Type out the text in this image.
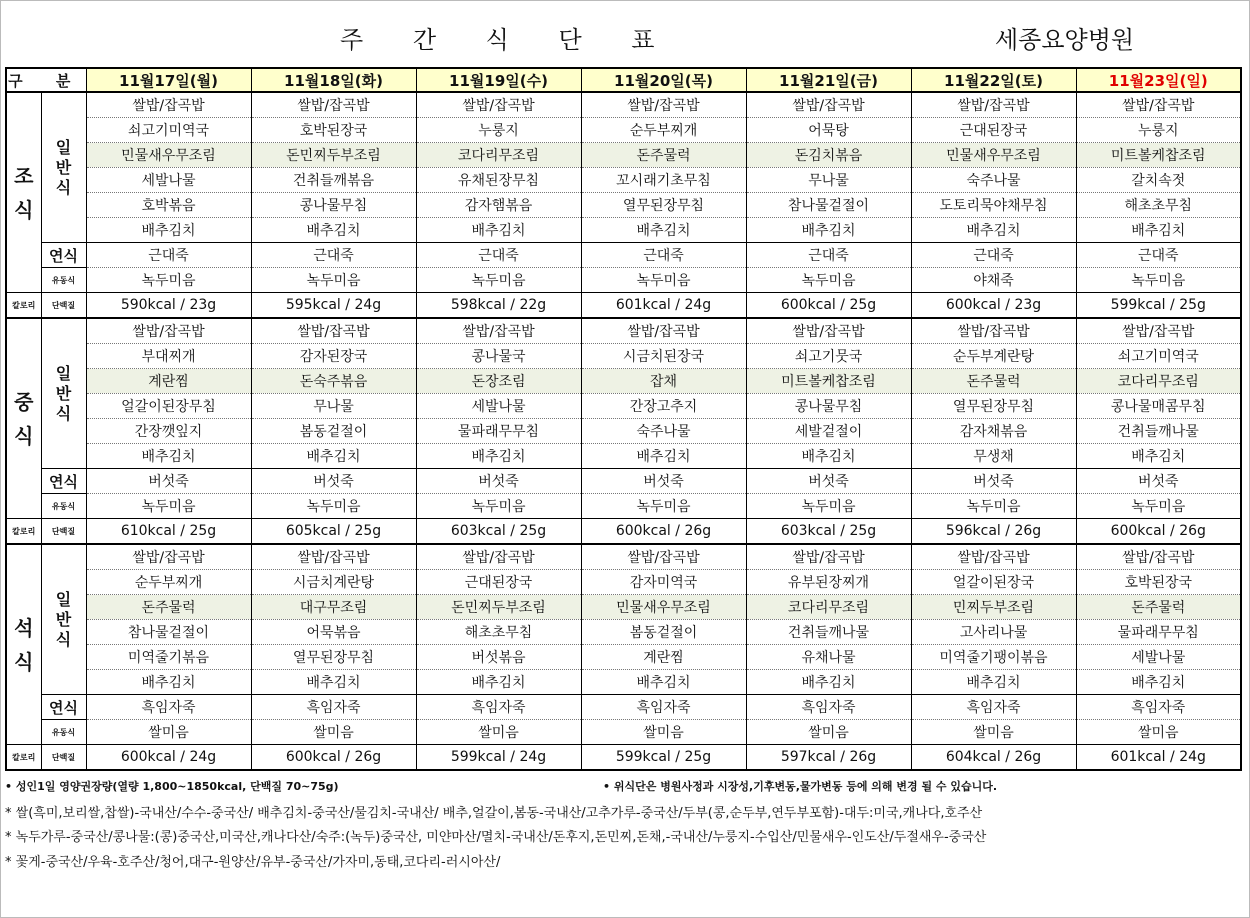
주 간 식 단 표	세종요양병원
구 분		11월17일(월)	11월18일(화)	11월19일(수)	11월20일(목)	11월21일(금)	11월22일(토)	11월23일(일)
조식	일반식	쌀밥/잡곡밥	쌀밥/잡곡밥	쌀밥/잡곡밥	쌀밥/잡곡밥	쌀밥/잡곡밥	쌀밥/잡곡밥	쌀밥/잡곡밥
		쇠고기미역국	호박된장국	누룽지	순두부찌개	어묵탕	근대된장국	누룽지
		민물새우무조림	돈민찌두부조림	코다리무조림	돈주물럭	돈김치볶음	민물새우무조림	미트볼케찹조림
		세발나물	건취들깨볶음	유채된장무침	꼬시래기초무침	무나물	숙주나물	갈치속젓
		호박볶음	콩나물무침	감자햄볶음	열무된장무침	참나물겉절이	도토리묵야채무침	해초초무침
		배추김치	배추김치	배추김치	배추김치	배추김치	배추김치	배추김치
	연식	근대죽	근대죽	근대죽	근대죽	근대죽	근대죽	근대죽
	유동식	녹두미음	녹두미음	녹두미음	녹두미음	녹두미음	야채죽	녹두미음
칼로리	단백질	590kcal / 23g	595kcal / 24g	598kcal / 22g	601kcal / 24g	600kcal / 25g	600kcal / 23g	599kcal / 25g
중식	일반식	쌀밥/잡곡밥	쌀밥/잡곡밥	쌀밥/잡곡밥	쌀밥/잡곡밥	쌀밥/잡곡밥	쌀밥/잡곡밥	쌀밥/잡곡밥
		부대찌개	감자된장국	콩나물국	시금치된장국	쇠고기뭇국	순두부계란탕	쇠고기미역국
		계란찜	돈숙주볶음	돈장조림	잡채	미트볼케찹조림	돈주물럭	코다리무조림
		얼갈이된장무침	무나물	세발나물	간장고추지	콩나물무침	열무된장무침	콩나물매콤무침
		간장깻잎지	봄동겉절이	물파래무무침	숙주나물	세발겉절이	감자채볶음	건취들깨나물
		배추김치	배추김치	배추김치	배추김치	배추김치	무생채	배추김치
	연식	버섯죽	버섯죽	버섯죽	버섯죽	버섯죽	버섯죽	버섯죽
	유동식	녹두미음	녹두미음	녹두미음	녹두미음	녹두미음	녹두미음	녹두미음
칼로리	단백질	610kcal / 25g	605kcal / 25g	603kcal / 25g	600kcal / 26g	603kcal / 25g	596kcal / 26g	600kcal / 26g
석식	일반식	쌀밥/잡곡밥	쌀밥/잡곡밥	쌀밥/잡곡밥	쌀밥/잡곡밥	쌀밥/잡곡밥	쌀밥/잡곡밥	쌀밥/잡곡밥
		순두부찌개	시금치계란탕	근대된장국	감자미역국	유부된장찌개	얼갈이된장국	호박된장국
		돈주물럭	대구무조림	돈민찌두부조림	민물새우무조림	코다리무조림	민찌두부조림	돈주물럭
		참나물겉절이	어묵볶음	해초초무침	봄동겉절이	건취들깨나물	고사리나물	물파래무무침
		미역줄기볶음	열무된장무침	버섯볶음	계란찜	유채나물	미역줄기팽이볶음	세발나물
		배추김치	배추김치	배추김치	배추김치	배추김치	배추김치	배추김치
	연식	흑임자죽	흑임자죽	흑임자죽	흑임자죽	흑임자죽	흑임자죽	흑임자죽
	유동식	쌀미음	쌀미음	쌀미음	쌀미음	쌀미음	쌀미음	쌀미음
칼로리	단백질	600kcal / 24g	600kcal / 26g	599kcal / 24g	599kcal / 25g	597kcal / 26g	604kcal / 26g	601kcal / 24g
• 성인1일 영양권장량(열량 1,800~1850kcal, 단백질 70~75g)	• 위식단은 병원사정과 시장성,기후변동,물가변동 등에 의해 변경 될 수 있습니다.
* 쌀(흑미,보리쌀,찹쌀)-국내산/수수-중국산/ 배추김치-중국산/물김치-국내산/ 배추,얼갈이,봄동-국내산/고추가루-중국산/두부(콩,순두부,연두부포함)-대두:미국,캐나다,호주산
* 녹두가루-중국산/콩나물:(콩)중국산,미국산,캐나다산/숙주:(녹두)중국산, 미얀마산/멸치-국내산/돈후지,돈민찌,돈채,-국내산/누룽지-수입산/민물새우-인도산/두절새우-중국산
* 꽃게-중국산/우육-호주산/청어,대구-원양산/유부-중국산/가자미,동태,코다리-러시아산/
